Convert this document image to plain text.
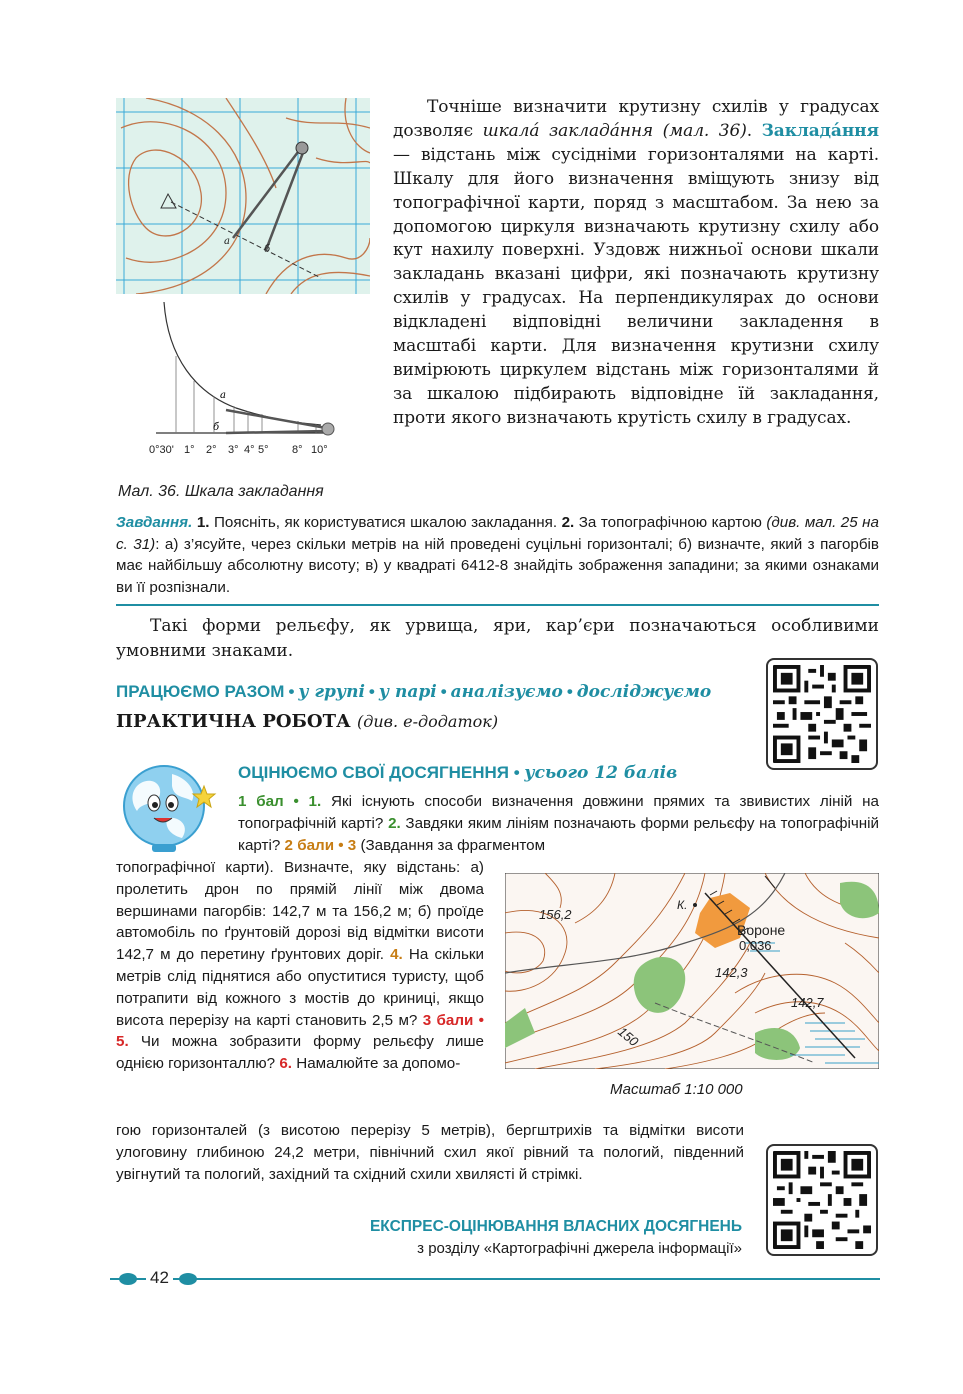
а
б
а
б
0°30' 1° 2° 3° 4° 5° 8° 10°
Мал. 36. Шкала закладання
Точніше визначити крутизну схилів у градусах дозволяє шкалá закладáння (мал. 36). Закладáння — відстань між сусідніми горизонталями на карті. Шкалу для його визначення вміщують знизу від топографічної карти, поряд з масштабом. За нею за допомогою циркуля визначають крутизну схилу або кут нахилу поверхні. Уздовж нижньої основи шкали закладань вказані цифри, які позначають крутизну схилів у градусах. На перпендикулярах до основи відкладені відповідні величини закладення в масштабі карти. Для визначення крутизни схилу вимірюють циркулем відстань між горизонталями й за шкалою підбирають відповідне їй закладання, проти якого визначають крутість схилу в градусах.
Завдання. 1. Поясніть, як користуватися шкалою закладання. 2. За топографічною картою (див. мал. 25 на с. 31): а) з’ясуйте, через скільки метрів на ній проведені суцільні горизонталі; б) визначте, який з пагорбів має найбільшу абсолютну висоту; в) у квадраті 6412-8 знайдіть зображення западини; за якими ознаками ви її розпізнали.
Такі форми рельєфу, як урвища, яри, кар’єри позначаються особливими умовними знаками.
ПРАЦЮЄМО РАЗОМ • у групі • у парі • аналізуємо • досліджуємо
ПРАКТИЧНА РОБОТА (див. е-додаток)
ОЦІНЮЄМО СВОЇ ДОСЯГНЕННЯ • усього 12 балів
1 бал • 1. Які існують способи визначення довжини прямих та звивистих ліній на топографічній карті? 2. Завдяки яким лініям позначають форми рельєфу на топографічній карті? 2 бали • 3 (Завдання за фрагментом
топографічної карти). Визначте, яку відстань: а) пролетить дрон по прямій лінії між двома вершинами пагорбів: 142,7 м та 156,2 м; б) проїде автомобіль по ґрунтовій дорозі від відмітки висоти 142,7 м до перетину ґрунтових доріг. 4. На скільки метрів слід піднятися або опуститися туристу, щоб потрапити від кожного з мостів до криниці, якщо висота перерізу на карті становить 2,5 м? 3 бали • 5. Чи можна зобразити форму рельєфу лише однією горизонталлю? 6. Намалюйте за допомо-
гою горизонталей (з висотою перерізу 5 метрів), бергштрихів та відмітки висоти улоговину глибиною 24,2 метри, північний схил якої рівний та пологий, південний увігнутий та пологий, західний та східний схили хвилясті й стрімкі.
156,2
142,3
142,7
150
К.
Вороне
0,036
Масштаб 1:10 000
ЕКСПРЕС-ОЦІНЮВАННЯ ВЛАСНИХ ДОСЯГНЕНЬ
з розділу «Картографічні джерела інформації»
42
